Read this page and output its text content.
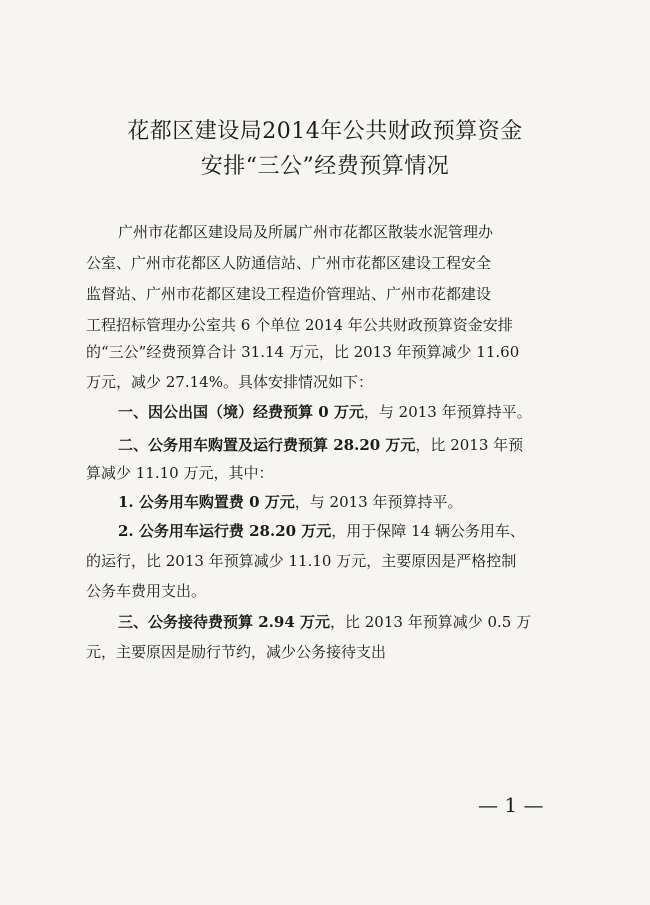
花都区建设局2014年公共财政预算资金
安排“三公”经费预算情况
广州市花都区建设局及所属广州市花都区散装水泥管理办
公室、广州市花都区人防通信站、广州市花都区建设工程安全
监督站、广州市花都区建设工程造价管理站、广州市花都建设
工程招标管理办公室共 6 个单位 2014 年公共财政预算资金安排
的“三公”经费预算合计 31.14 万元，比 2013 年预算减少 11.60
万元，减少 27.14%。具体安排情况如下：
一、因公出国（境）经费预算 0 万元，与 2013 年预算持平。
二、公务用车购置及运行费预算 28.20 万元，比 2013 年预
算减少 11.10 万元，其中：
1. 公务用车购置费 0 万元，与 2013 年预算持平。
2. 公务用车运行费 28.20 万元，用于保障 14 辆公务用车、
的运行，比 2013 年预算减少 11.10 万元，主要原因是严格控制
公务车费用支出。
三、公务接待费预算 2.94 万元，比 2013 年预算减少 0.5 万
元，主要原因是励行节约，减少公务接待支出
— 1 —
